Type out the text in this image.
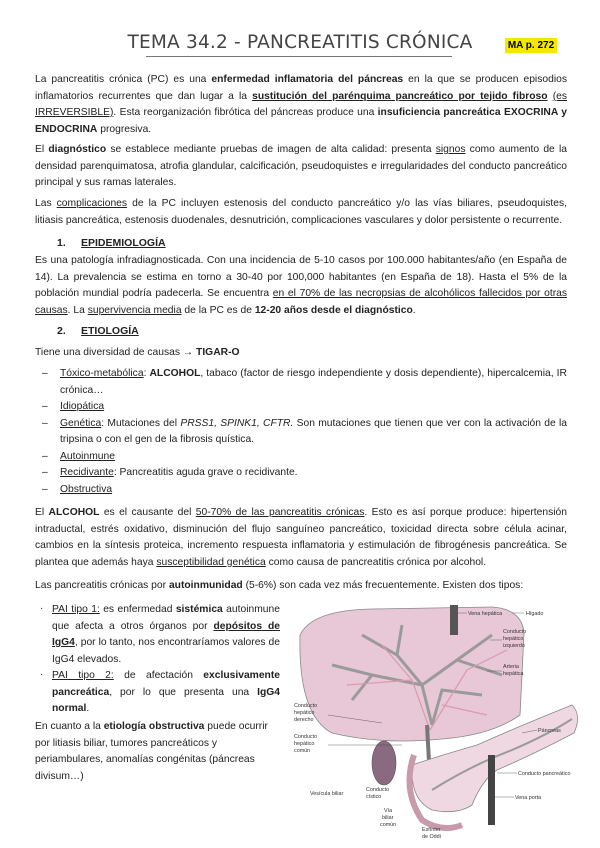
TEMA 34.2 - PANCREATITIS CRÓNICA	MA p. 272

La pancreatitis crónica (PC) es una enfermedad inflamatoria del páncreas en la que se producen episodios inflamatorios recurrentes que dan lugar a la sustitución del parénquima pancreático por tejido fibroso (es IRREVERSIBLE). Esta reorganización fibrótica del páncreas produce una insuficiencia pancreática EXOCRINA y ENDOCRINA progresiva.

El diagnóstico se establece mediante pruebas de imagen de alta calidad: presenta signos como aumento de la densidad parenquimatosa, atrofia glandular, calcificación, pseudoquistes e irregularidades del conducto pancreático principal y sus ramas laterales.

Las complicaciones de la PC incluyen estenosis del conducto pancreático y/o las vías biliares, pseudoquistes, litiasis pancreática, estenosis duodenales, desnutrición, complicaciones vasculares y dolor persistente o recurrente.

1. EPIDEMIOLOGÍA

Es una patología infradiagnosticada. Con una incidencia de 5-10 casos por 100.000 habitantes/año (en España de 14). La prevalencia se estima en torno a 30-40 por 100,000 habitantes (en España de 18). Hasta el 5% de la población mundial podría padecerla. Se encuentra en el 70% de las necropsias de alcohólicos fallecidos por otras causas. La supervivencia media de la PC es de 12-20 años desde el diagnóstico.

2. ETIOLOGÍA

Tiene una diversidad de causas → TIGAR-O

– Tóxico-metabólica: ALCOHOL, tabaco (factor de riesgo independiente y dosis dependiente), hipercalcemia, IR crónica…
– Idiopática
– Genética: Mutaciones del PRSS1, SPINK1, CFTR. Son mutaciones que tienen que ver con la activación de la tripsina o con el gen de la fibrosis quística.
– Autoinmune
– Recidivante: Pancreatitis aguda grave o recidivante.
– Obstructiva

El ALCOHOL es el causante del 50-70% de las pancreatitis crónicas. Esto es así porque produce: hipertensión intraductal, estrés oxidativo, disminución del flujo sanguíneo pancreático, toxicidad directa sobre célula acinar, cambios en la síntesis proteica, incremento respuesta inflamatoria y estimulación de fibrogénesis pancreática. Se plantea que además haya susceptibilidad genética como causa de pancreatitis crónica por alcohol.

Las pancreatitis crónicas por autoinmunidad (5-6%) son cada vez más frecuentemente. Existen dos tipos:

· PAI tipo 1: es enfermedad sistémica autoinmune que afecta a otros órganos por depósitos de IgG4, por lo tanto, nos encontraríamos valores de IgG4 elevados.
· PAI tipo 2: de afectación exclusivamente pancreática, por lo que presenta una IgG4 normal.
En cuanto a la etiología obstructiva puede ocurrir por litiasis biliar, tumores pancreáticos y periambulares, anomalías congénitas (páncreas divisum…)
Vena hepática	Hígado
Conducto
hepático
izquierdo
Arteria
hepática
Conducto
hepático
derecho
Conducto
hepático
común
Páncreas
Conducto pancreático
Vena porta
Vesícula biliar
Conducto
cístico
Vía
biliar
común
Esfínter
de Oddi
